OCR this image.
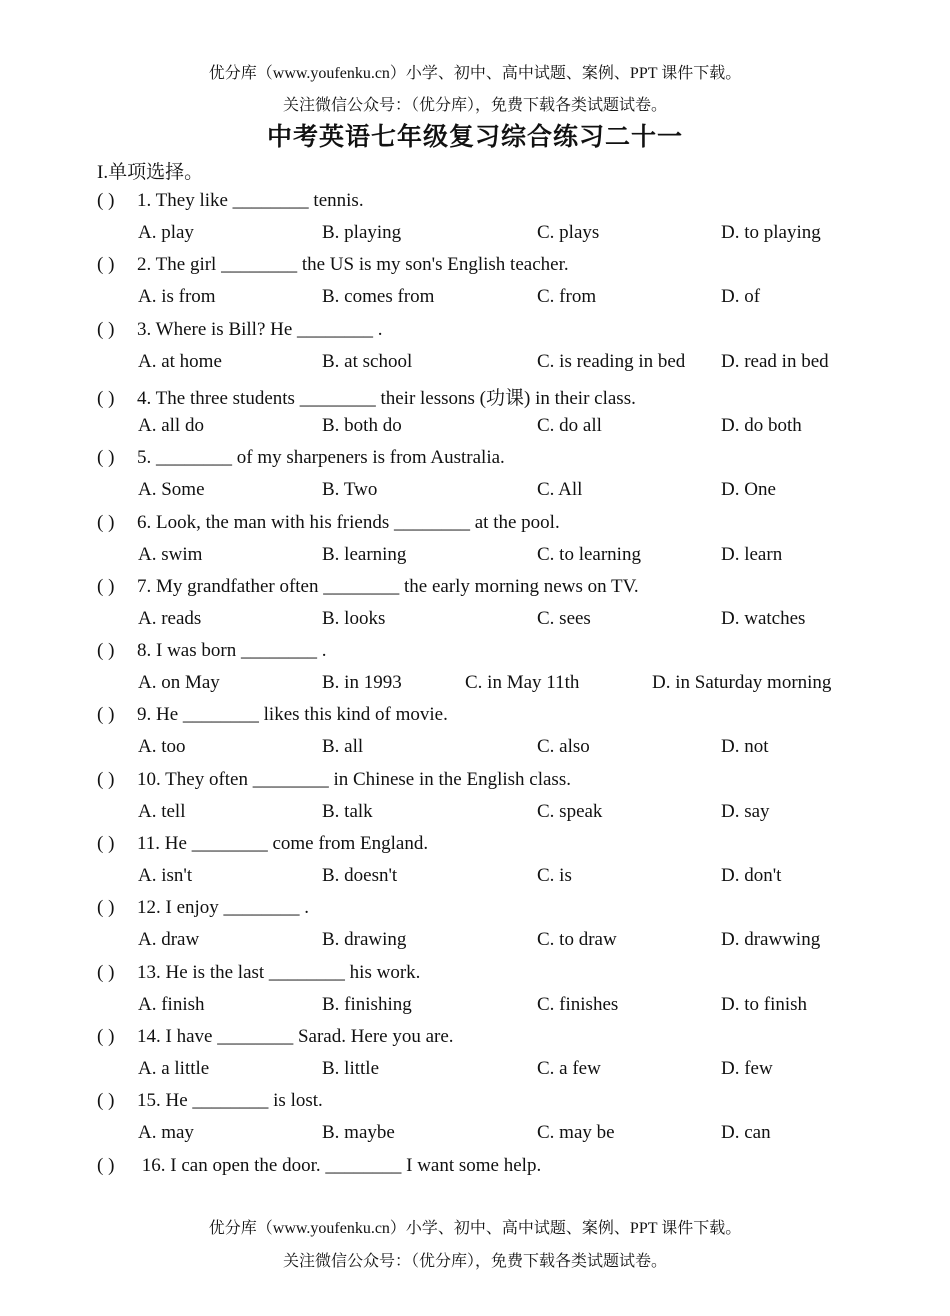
优分库（www.youfenku.cn）小学、初中、高中试题、案例、PPT 课件下载。
关注微信公众号：（优分库），免费下载各类试题试卷。
中考英语七年级复习综合练习二十一
I.单项选择。
( ) 1. They like ________ tennis.
A. play	B. playing	C. plays	D. to playing
( ) 2. The girl ________ the US is my son's English teacher.
A. is from	B. comes from	C. from	D. of
( ) 3. Where is Bill? He ________ .
A. at home	B. at school	C. is reading in bed D. read in bed
( ) 4. The three students ________ their lessons (功课) in their class.
A. all do	B. both do	C. do all	D. do both
( ) 5. ________ of my sharpeners is from Australia.
A. Some	B. Two	C. All	D. One
( ) 6. Look, the man with his friends ________ at the pool.
A. swim	B. learning	C. to learning	D. learn
( ) 7. My grandfather often ________ the early morning news on TV.
A. reads	B. looks	C. sees	D. watches
( ) 8. I was born ________ .
A. on May	B. in 1993	C. in May 11th	D. in Saturday morning
( ) 9. He ________ likes this kind of movie.
A. too	B. all	C. also	D. not
( ) 10. They often ________ in Chinese in the English class.
A. tell	B. talk	C. speak	D. say
( ) 11. He ________ come from England.
A. isn't	B. doesn't	C. is	D. don't
( ) 12. I enjoy ________ .
A. draw	B. drawing	C. to draw	D. drawwing
( ) 13. He is the last ________ his work.
A. finish	B. finishing	C. finishes	D. to finish
( ) 14. I have ________ Sarad. Here you are.
A. a little	B. little	C. a few	D. few
( ) 15. He ________ is lost.
A. may	B. maybe	C. may be	D. can
( ) 16. I can open the door. ________ I want some help.
优分库（www.youfenku.cn）小学、初中、高中试题、案例、PPT 课件下载。
关注微信公众号：（优分库），免费下载各类试题试卷。
